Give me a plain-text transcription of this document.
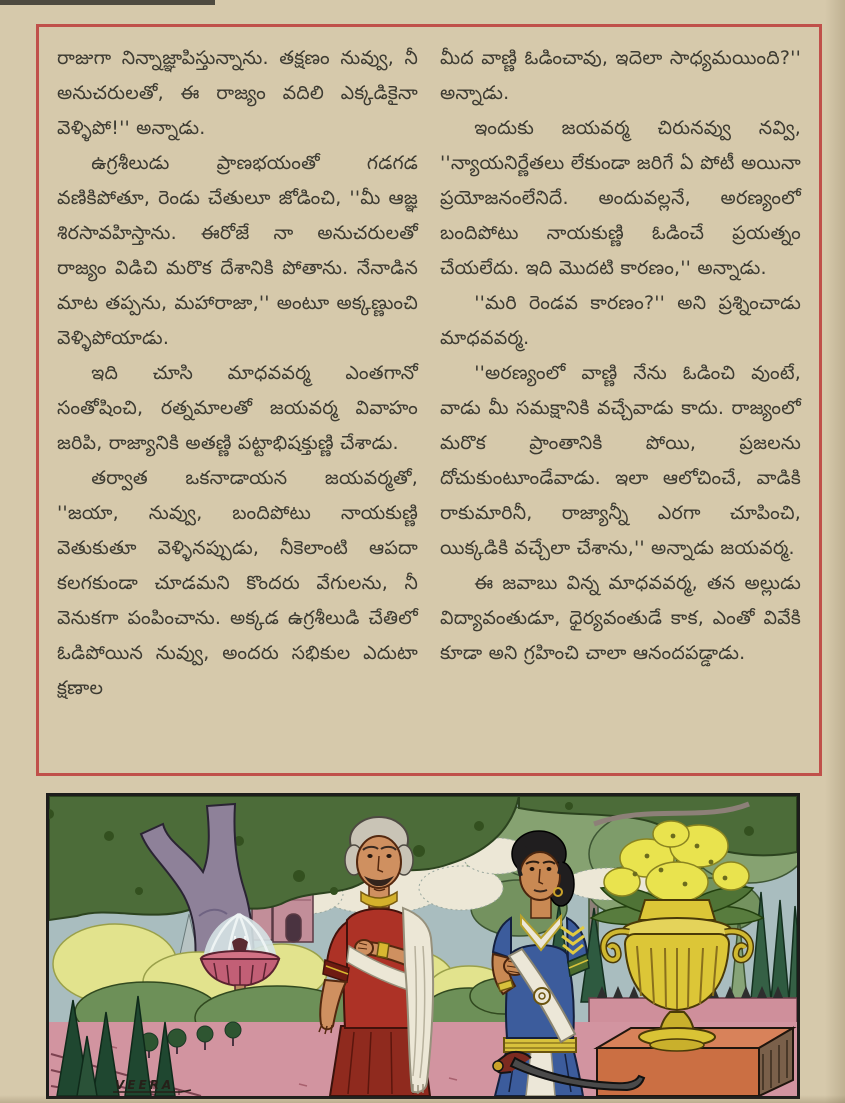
రాజుగా నిన్నాజ్ఞాపిస్తున్నాను. తక్షణం నువ్వు, నీ అనుచరులతో, ఈ రాజ్యం వదిలి ఎక్కడికైనా వెళ్ళిపో!'' అన్నాడు.

ఉగ్రశీలుడు ప్రాణభయంతో గడగడ వణికిపోతూ, రెండు చేతులూ జోడించి, ''మీ ఆజ్ఞ శిరసావహిస్తాను. ఈరోజే నా అనుచరులతో రాజ్యం విడిచి మరొక దేశానికి పోతాను. నేనాడిన మాట తప్పను, మహారాజా,'' అంటూ అక్కణ్ణుంచి వెళ్ళిపోయాడు.

ఇది చూసి మాధవవర్మ ఎంతగానో సంతోషించి, రత్నమాలతో జయవర్మ వివాహం జరిపి, రాజ్యానికి అతణ్ణి పట్టాభిషక్తుణ్ణి చేశాడు.

తర్వాత ఒకనాడాయన జయవర్మతో, ''జయా, నువ్వు, బందిపోటు నాయకుణ్ణి వెతుకుతూ వెళ్ళినప్పుడు, నీకెలాంటి ఆపదా కలగకుండా చూడమని కొందరు వేగులను, నీ వెనుకగా పంపించాను. అక్కడ ఉగ్రశీలుడి చేతిలో ఓడిపోయిన నువ్వు, అందరు సభికుల ఎదుటా క్షణాల

మీద వాణ్ణి ఓడించావు, ఇదెలా సాధ్యమయింది?'' అన్నాడు.

ఇందుకు జయవర్మ చిరునవ్వు నవ్వి, ''న్యాయనిర్ణేతలు లేకుండా జరిగే ఏ పోటీ అయినా ప్రయోజనంలేనిదే. అందువల్లనే, అరణ్యంలో బందిపోటు నాయకుణ్ణి ఓడించే ప్రయత్నం చేయలేదు. ఇది మొదటి కారణం,'' అన్నాడు.

''మరి రెండవ కారణం?'' అని ప్రశ్నించాడు మాధవవర్మ.

''అరణ్యంలో వాణ్ణి నేను ఓడించి వుంటే, వాడు మీ సమక్షానికి వచ్చేవాడు కాదు. రాజ్యంలో మరొక ప్రాంతానికి పోయి, ప్రజలను దోచుకుంటూండేవాడు. ఇలా ఆలోచించే, వాడికి రాకుమారినీ, రాజ్యాన్నీ ఎరగా చూపించి, యిక్కడికి వచ్చేలా చేశాను,'' అన్నాడు జయవర్మ.

ఈ జవాబు విన్న మాధవవర్మ, తన అల్లుడు విద్యావంతుడూ, ధైర్యవంతుడే కాక, ఎంతో వివేకి కూడా అని గ్రహించి చాలా ఆనందపడ్డాడు.

VEERA
